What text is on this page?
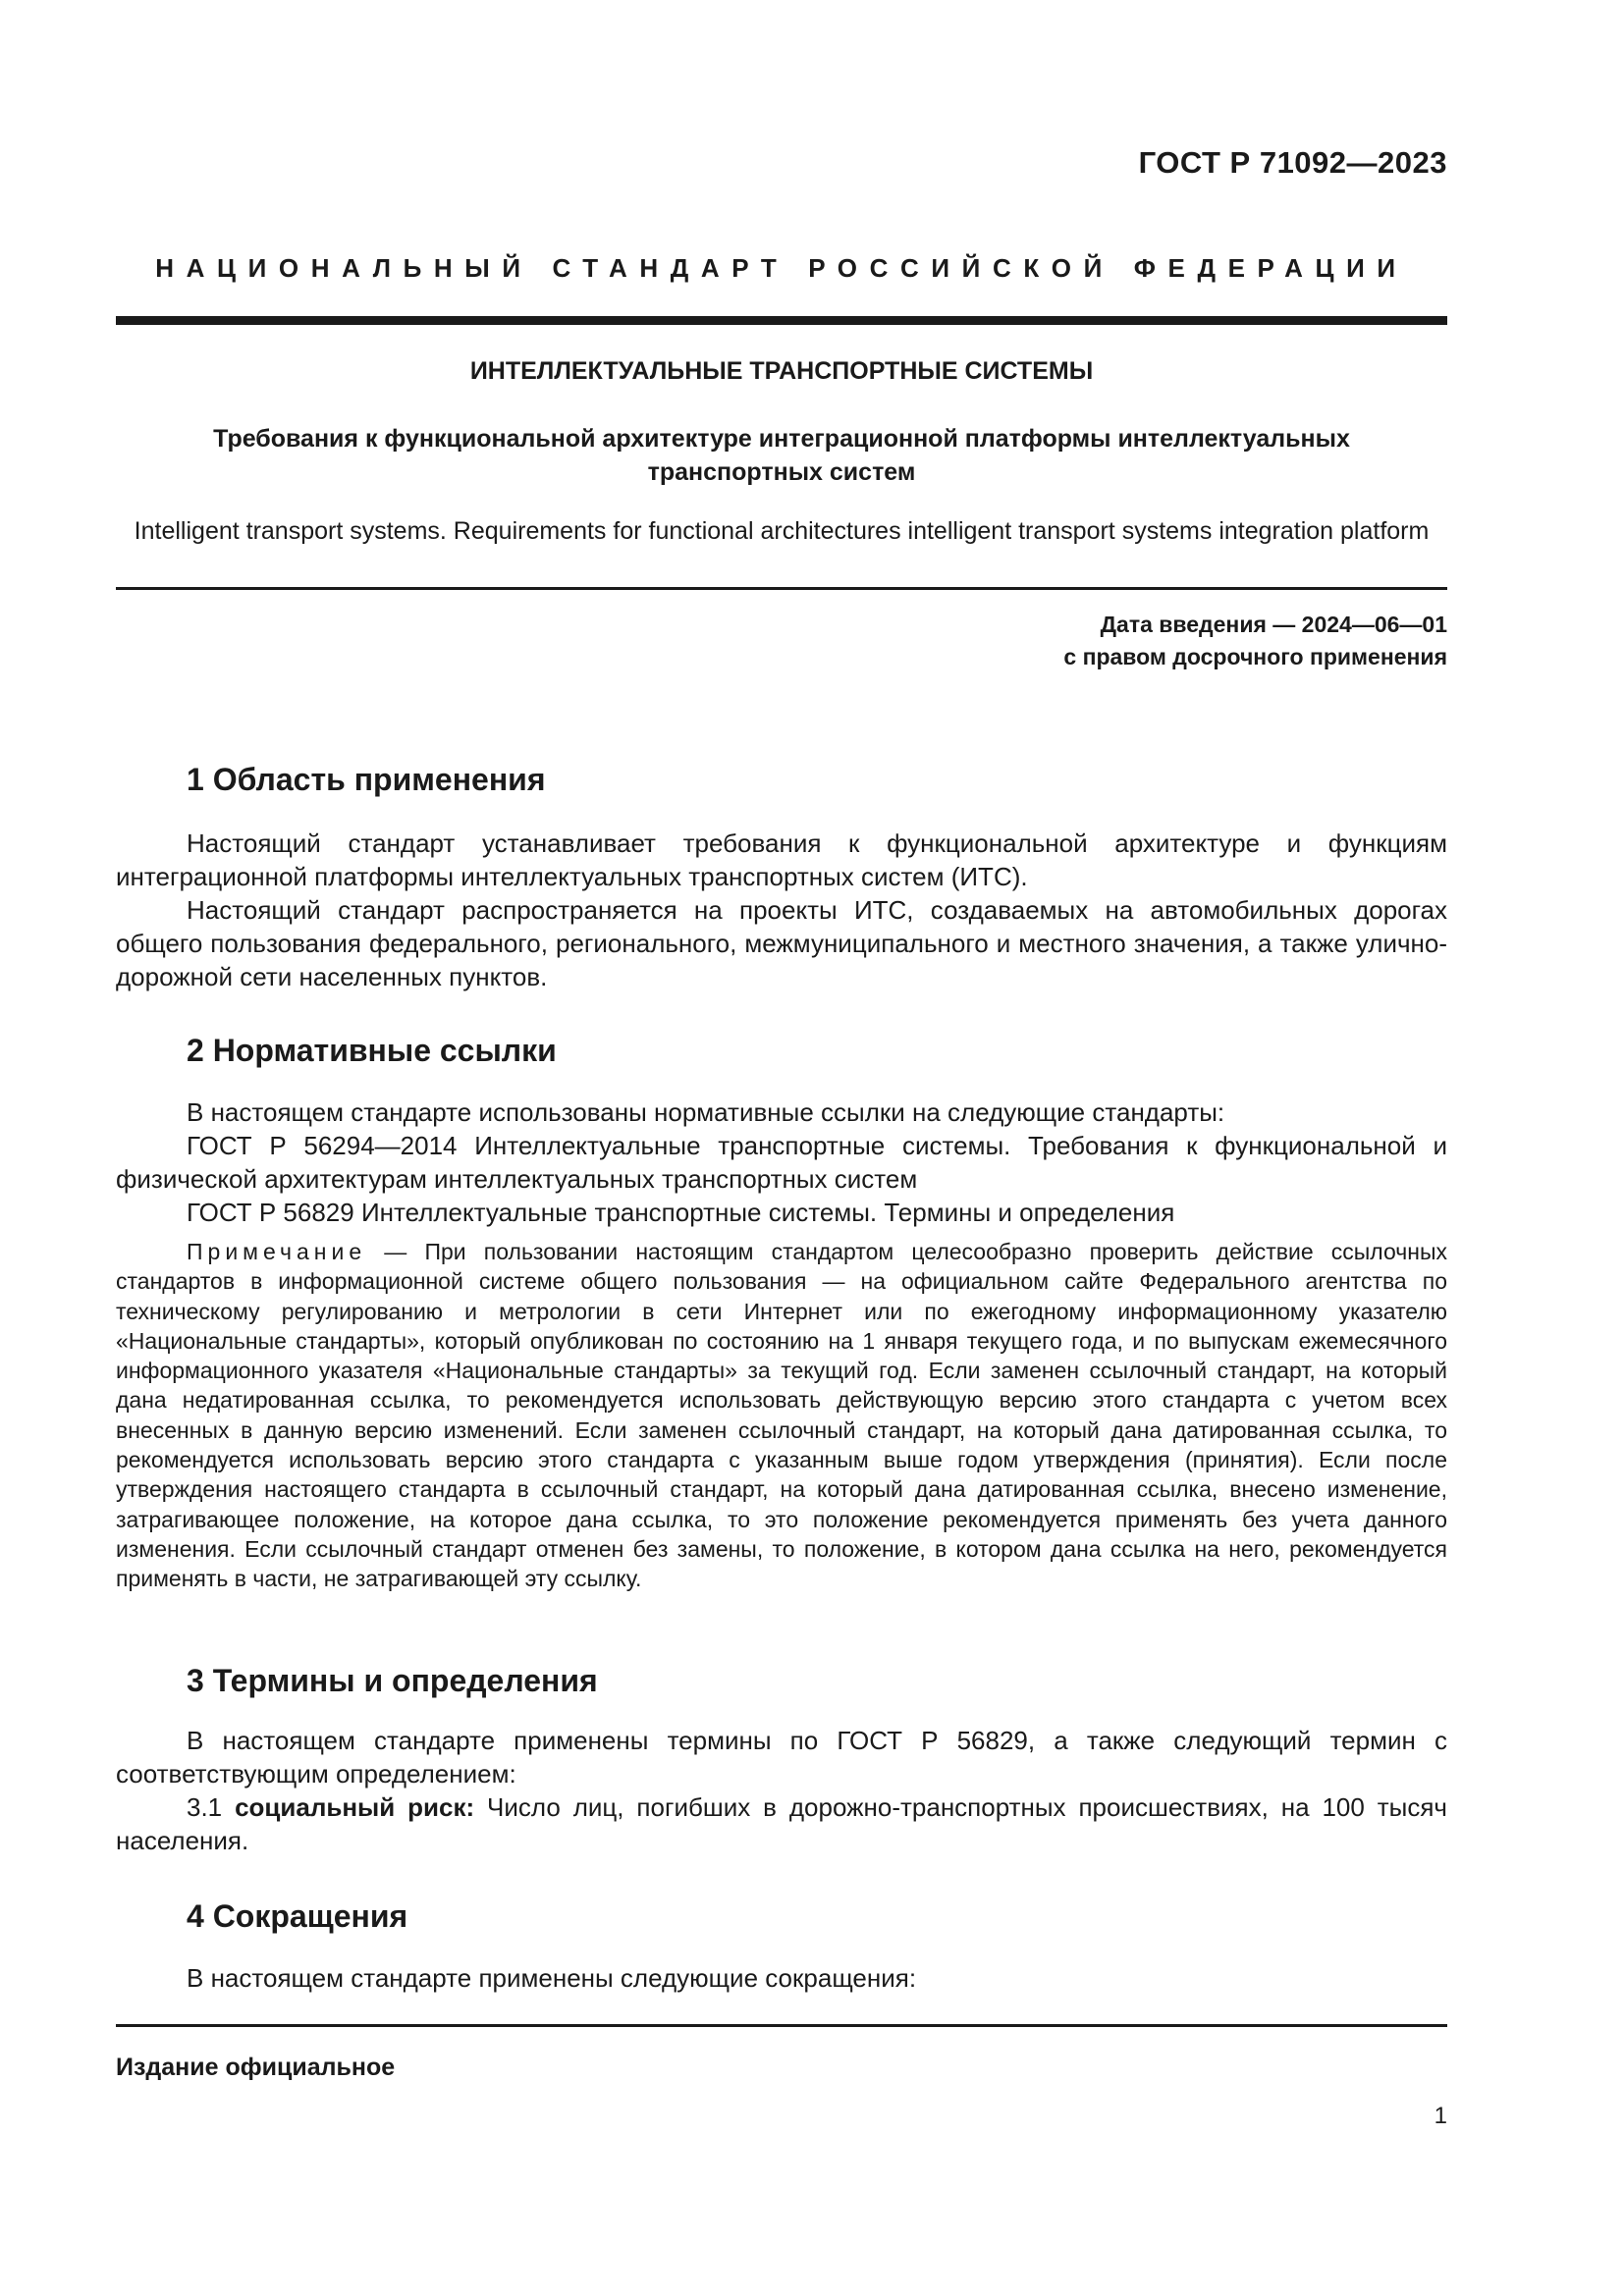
ГОСТ Р 71092—2023
НАЦИОНАЛЬНЫЙ СТАНДАРТ РОССИЙСКОЙ ФЕДЕРАЦИИ
ИНТЕЛЛЕКТУАЛЬНЫЕ ТРАНСПОРТНЫЕ СИСТЕМЫ
Требования к функциональной архитектуре интеграционной платформы интеллектуальных
транспортных систем
Intelligent transport systems. Requirements for functional architectures intelligent transport systems integration platform
Дата введения — 2024—06—01
с правом досрочного применения
1 Область применения

Настоящий стандарт устанавливает требования к функциональной архитектуре и функциям интеграционной платформы интеллектуальных транспортных систем (ИТС).

Настоящий стандарт распространяется на проекты ИТС, создаваемых на автомобильных дорогах общего пользования федерального, регионального, межмуниципального и местного значения, а также улично-дорожной сети населенных пунктов.

2 Нормативные ссылки

В настоящем стандарте использованы нормативные ссылки на следующие стандарты:

ГОСТ Р 56294—2014 Интеллектуальные транспортные системы. Требования к функциональной и физической архитектурам интеллектуальных транспортных систем

ГОСТ Р 56829 Интеллектуальные транспортные системы. Термины и определения

Примечание — При пользовании настоящим стандартом целесообразно проверить действие ссылочных стандартов в информационной системе общего пользования — на официальном сайте Федерального агентства по техническому регулированию и метрологии в сети Интернет или по ежегодному информационному указателю «Национальные стандарты», который опубликован по состоянию на 1 января текущего года, и по выпускам ежемесячного информационного указателя «Национальные стандарты» за текущий год. Если заменен ссылочный стандарт, на который дана недатированная ссылка, то рекомендуется использовать действующую версию этого стандарта с учетом всех внесенных в данную версию изменений. Если заменен ссылочный стандарт, на который дана датированная ссылка, то рекомендуется использовать версию этого стандарта с указанным выше годом утверждения (принятия). Если после утверждения настоящего стандарта в ссылочный стандарт, на который дана датированная ссылка, внесено изменение, затрагивающее положение, на которое дана ссылка, то это положение рекомендуется применять без учета данного изменения. Если ссылочный стандарт отменен без замены, то положение, в котором дана ссылка на него, рекомендуется применять в части, не затрагивающей эту ссылку.

3 Термины и определения

В настоящем стандарте применены термины по ГОСТ Р 56829, а также следующий термин с соответствующим определением:

3.1 социальный риск: Число лиц, погибших в дорожно-транспортных происшествиях, на 100 тысяч населения.

4 Сокращения

В настоящем стандарте применены следующие сокращения:

Издание официальное
1
